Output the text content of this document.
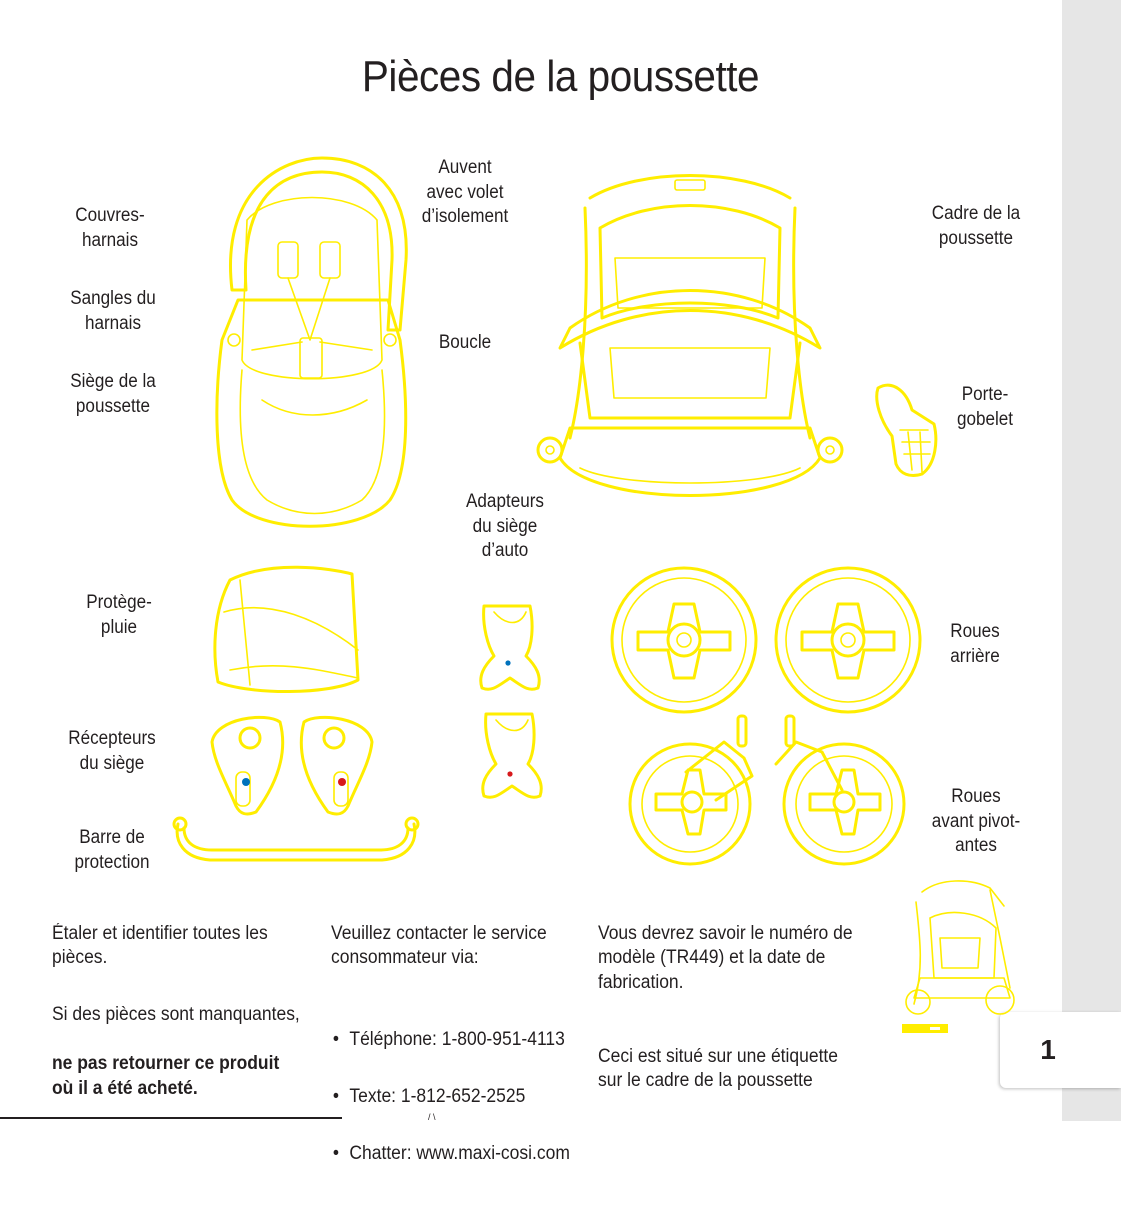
1
Pièces de la poussette
Auvent
avec volet
d’isolement
Couvres-
harnais
Sangles du
harnais
Siège de la
poussette
Boucle
Cadre de la
poussette
Porte-
gobelet
Adapteurs
du siège
d’auto
Protège-
pluie	Roues
arrière
Récepteurs
du siège
Roues
avant pivot-
antes
Barre de
protection

Étaler et identifier toutes les
pièces.

Si des pièces sont manquantes,

ne pas retourner ce produit
où il a été acheté.

Veuillez contacter le service
consommateur via:

• Téléphone: 1-800-951-4113

• Texte: 1-812-652-2525

• Chatter: www.maxi-cosi.com

Vous devrez savoir le numéro de
modèle (TR449) et la date de
fabrication.

Ceci est situé sur une étiquette
sur le cadre de la poussette

/ \
